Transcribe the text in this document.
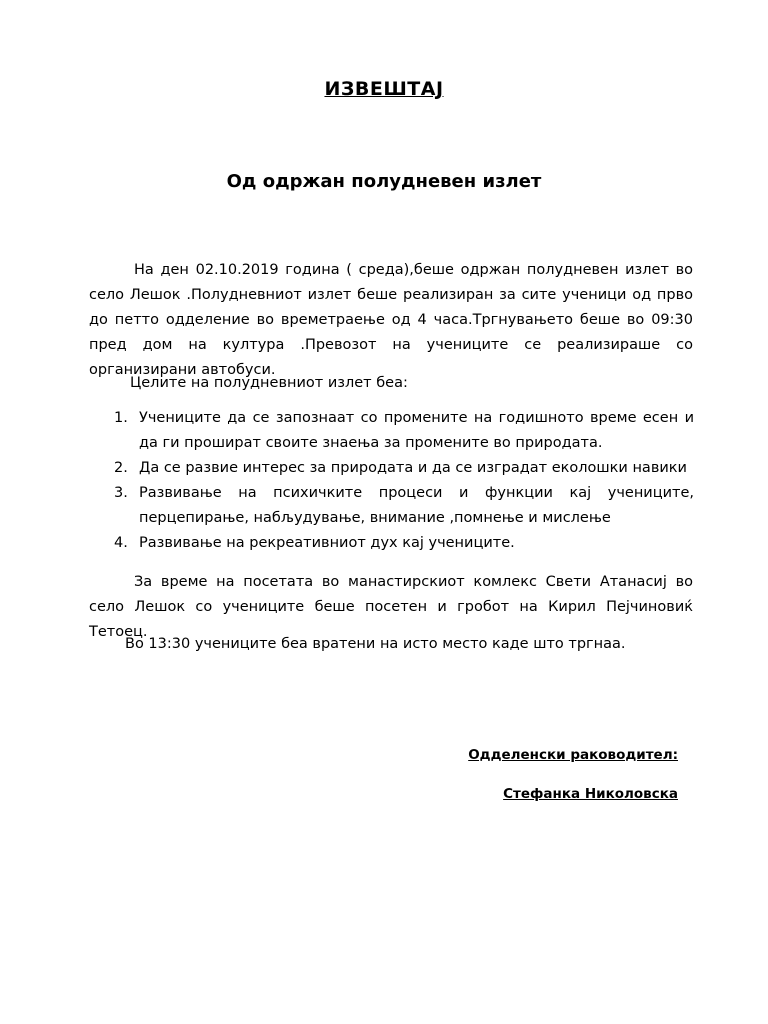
ИЗВЕШТАЈ
Од одржан полудневен излет

На ден 02.10.2019 година ( среда),беше одржан полудневен излет во село Лешок .Полудневниот излет беше реализиран за сите ученици од прво до петто одделение во времетраење од 4 часа.Тргнувањето беше во 09:30 пред дом на култура .Превозот на учениците се реализираше со организирани автобуси.

Целите на полудневниот излет беа:
1. Учениците да се запознаат со промените на годишното време есен и да ги прошират своите знаења за промените во природата.
2. Да се развие интерес за природата и да се изградат еколошки навики
3. Развивање на психичките процеси и функции кај учениците, перцепирање, набљудување, внимание ,помнење и мислење
4. Развивање на рекреативниот дух кај учениците.

За време на посетата во манастирскиот комлекс Свети Атанасиј во село Лешок со учениците беше посетен и гробот на Кирил Пејчиновиќ Тетоец.

Во 13:30 учениците беа вратени на исто место каде што тргнаа.
Одделенски раководител:
Стефанка Николовска
